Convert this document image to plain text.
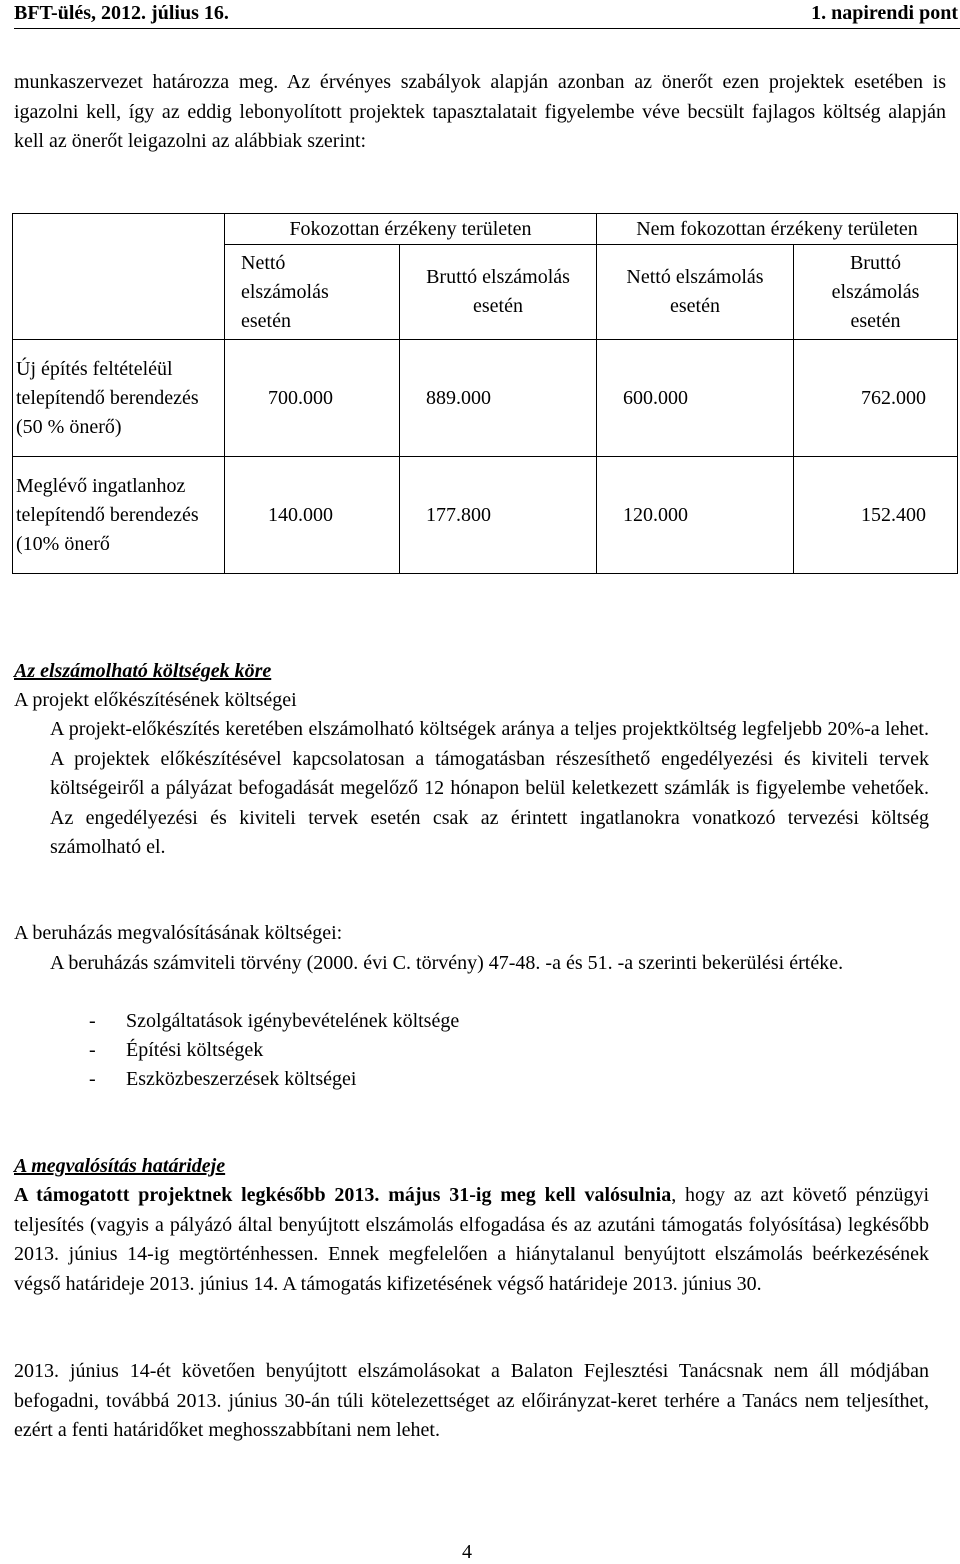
BFT-ülés, 2012. július 16.	1. napirendi pont

munkaszervezet határozza meg. Az érvényes szabályok alapján azonban az önerőt ezen projektek esetében is igazolni kell, így az eddig lebonyolított projektek tapasztalatait figyelembe véve becsült fajlagos költség alapján kell az önerőt leigazolni az alábbiak szerint:

	Fokozottan érzékeny területen		Nem fokozottan érzékeny területen	

	Nettó elszámolás esetén	Bruttó elszámolás esetén	Nettó elszámolás esetén	Bruttó elszámolás esetén

Új építés feltételéül telepítendő berendezés (50 % önerő)	700.000	889.000	600.000	762.000

Meglévő ingatlanhoz telepítendő berendezés (10% önerő	140.000	177.800	120.000	152.400
Az elszámolható költségek köre
A projekt előkészítésének költségei

A projekt-előkészítés keretében elszámolható költségek aránya a teljes projektköltség legfeljebb 20%-a lehet. A projektek előkészítésével kapcsolatosan a támogatásban részesíthető engedélyezési és kiviteli tervek költségeiről a pályázat befogadását megelőző 12 hónapon belül keletkezett számlák is figyelembe vehetőek. Az engedélyezési és kiviteli tervek esetén csak az érintett ingatlanokra vonatkozó tervezési költség számolható el.

A beruházás megvalósításának költségei:

A beruházás számviteli törvény (2000. évi C. törvény) 47-48. -a és 51. -a szerinti bekerülési értéke.

- Szolgáltatások igénybevételének költsége
- Építési költségek
- Eszközbeszerzések költségei
A megvalósítás határideje

A támogatott projektnek legkésőbb 2013. május 31-ig meg kell valósulnia, hogy az azt követő pénzügyi teljesítés (vagyis a pályázó által benyújtott elszámolás elfogadása és az azutáni támogatás folyósítása) legkésőbb 2013. június 14-ig megtörténhessen. Ennek megfelelően a hiánytalanul benyújtott elszámolás beérkezésének végső határideje 2013. június 14. A támogatás kifizetésének végső határideje 2013. június 30.

2013. június 14-ét követően benyújtott elszámolásokat a Balaton Fejlesztési Tanácsnak nem áll módjában befogadni, továbbá 2013. június 30-án túli kötelezettséget az előirányzat-keret terhére a Tanács nem teljesíthet, ezért a fenti határidőket meghosszabbítani nem lehet.

4
